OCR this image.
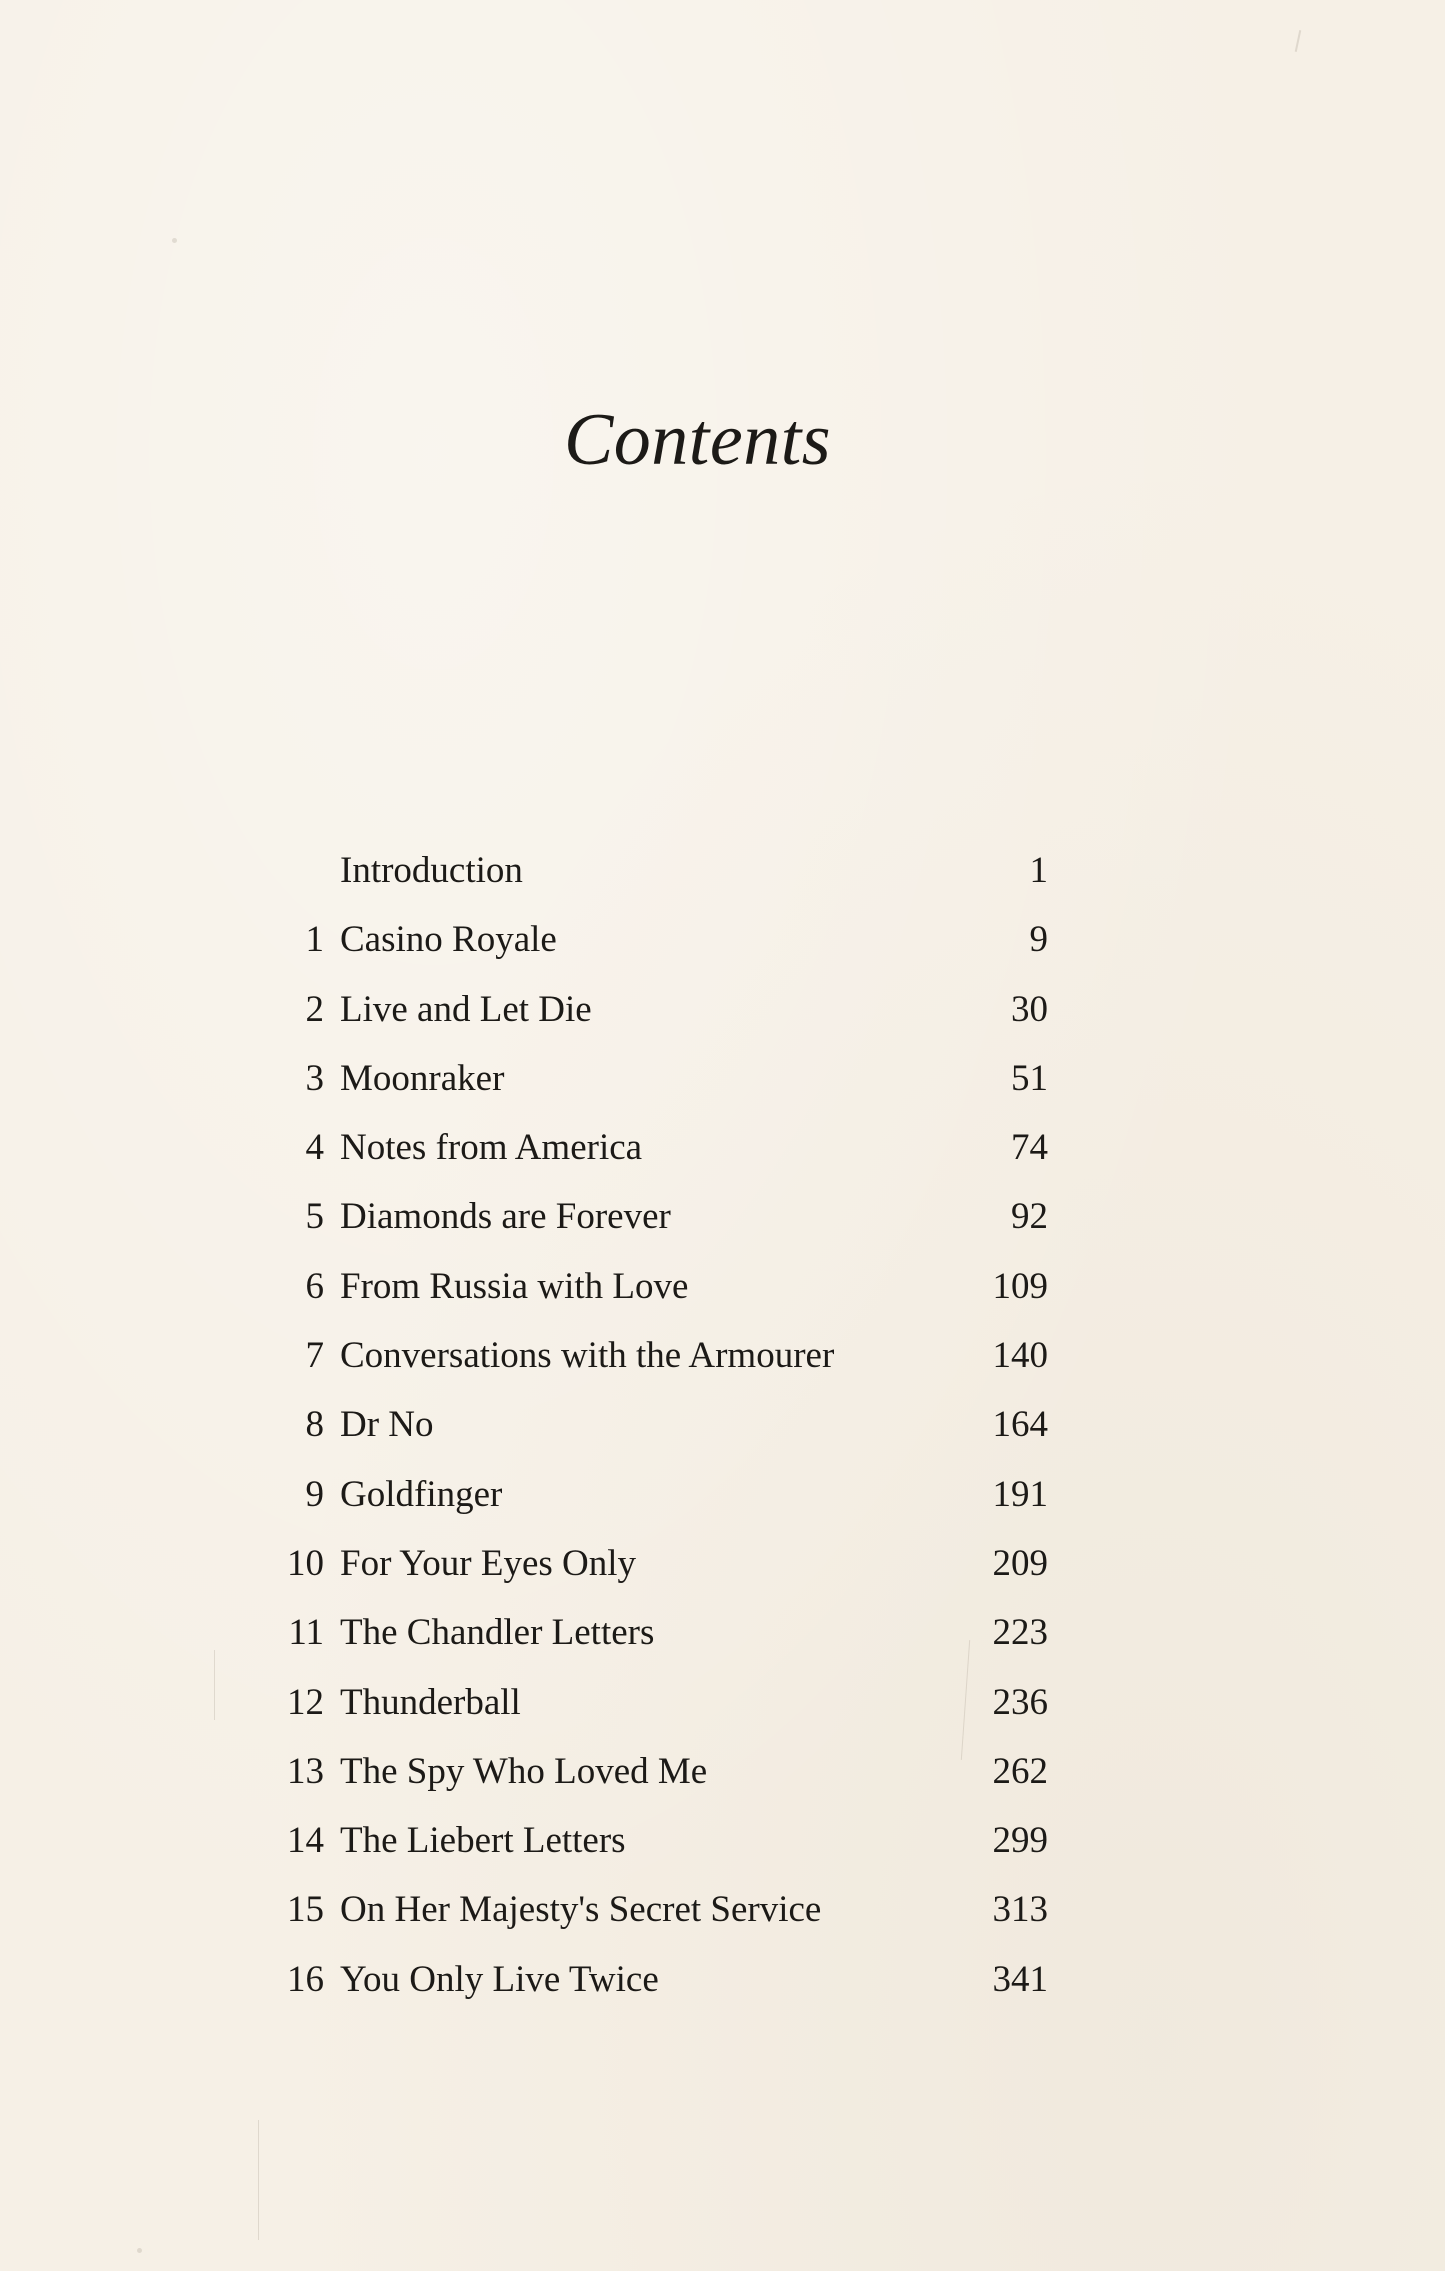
Contents
Introduction	1
1 Casino Royale	9
2 Live and Let Die	30
3 Moonraker	51
4 Notes from America	74
5 Diamonds are Forever	92
6 From Russia with Love	109
7 Conversations with the Armourer	140
8 Dr No	164
9 Goldfinger	191
10 For Your Eyes Only	209
11 The Chandler Letters	223
12 Thunderball	236
13 The Spy Who Loved Me	262
14 The Liebert Letters	299
15 On Her Majesty's Secret Service	313
16 You Only Live Twice	341
